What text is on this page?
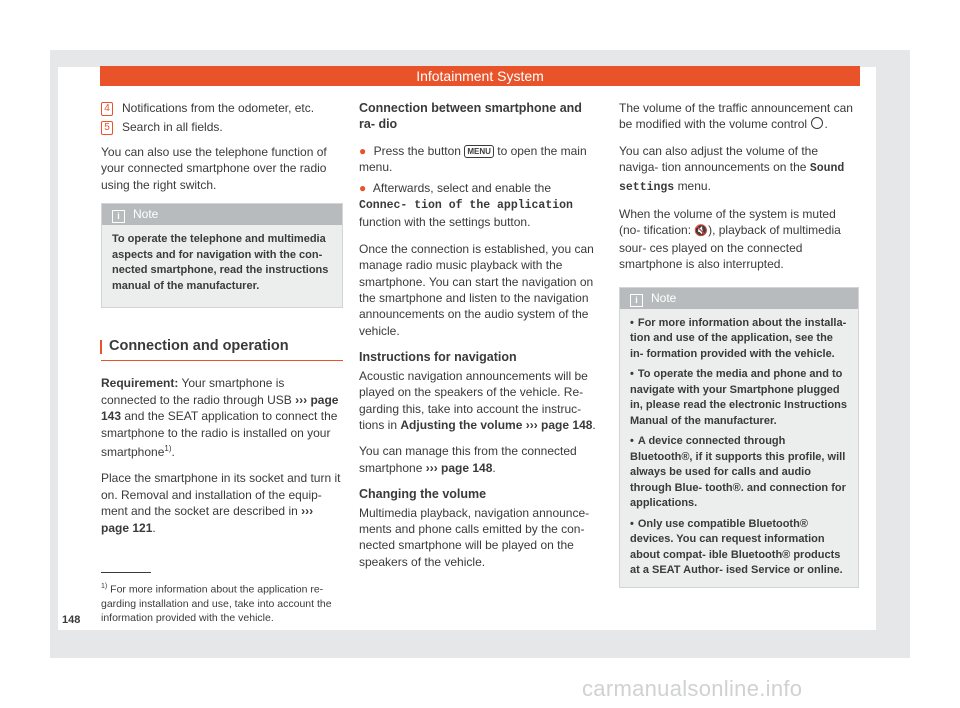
Infotainment System
4 Notifications from the odometer, etc.
5 Search in all fields.

You can also use the telephone function of your connected smartphone over the radio using the right switch.

i Note

To operate the telephone and multimedia aspects and for navigation with the con- nected smartphone, read the instructions manual of the manufacturer.

Connection and operation

Requirement: Your smartphone is connected to the radio through USB ››› page 143 and the SEAT application to connect the smartphone to the radio is installed on your smartphone$^{1)}$.

Place the smartphone in its socket and turn it on. Removal and installation of the equip- ment and the socket are described in ››› page 121.

Connection between smartphone and ra- dio

● Press the button MENU to open the main menu.

● Afterwards, select and enable the Connec- tion of the application function with the settings button.

Once the connection is established, you can manage radio music playback with the smartphone. You can start the navigation on the smartphone and listen to the navigation announcements on the audio system of the vehicle.

Instructions for navigation

Acoustic navigation announcements will be played on the speakers of the vehicle. Re- garding this, take into account the instruc- tions in Adjusting the volume ››› page 148.

You can manage this from the connected smartphone ››› page 148.

Changing the volume

Multimedia playback, navigation announce- ments and phone calls emitted by the con- nected smartphone will be played on the speakers of the vehicle.

The volume of the traffic announcement can be modified with the volume control .

You can also adjust the volume of the naviga- tion announcements on the Sound settings menu.

When the volume of the system is muted (no- tification: 🔇), playback of multimedia sour- ces played on the connected smartphone is also interrupted.

i Note

• For more information about the installa- tion and use of the application, see the in- formation provided with the vehicle.

• To operate the media and phone and to navigate with your Smartphone plugged in, please read the electronic Instructions Manual of the manufacturer.

• A device connected through Bluetooth®, if it supports this profile, will always be used for calls and audio through Blue- tooth®. and connection for applications.

• Only use compatible Bluetooth® devices. You can request information about compat- ible Bluetooth® products at a SEAT Author- ised Service or online.

$^{1)}$ For more information about the application re- garding installation and use, take into account the information provided with the vehicle.
148
carmanualsonline.info
